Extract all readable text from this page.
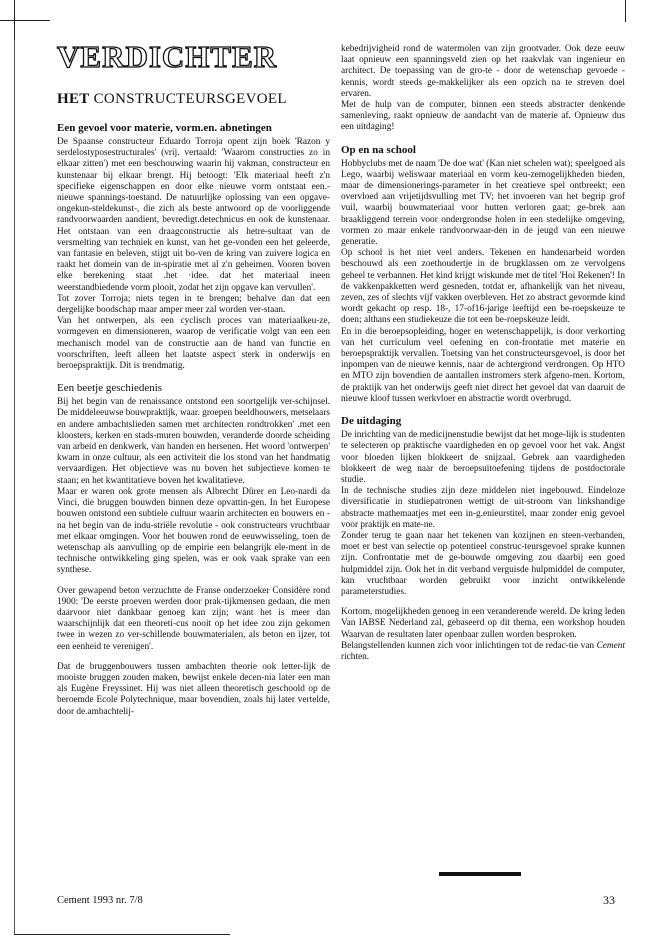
VERDICHTER
HET CONSTRUCTEURSGEVOEL
Een gevoel voor materie, vorm.en. abnetingen

De Spaanse constructeur Eduardo Torroja opent zijn boek 'Razon y serdelostyposestructurales' (vrij. vertaald: 'Waarom constructies zo in elkaar zitten') met een beschouwing waarin hij vakman, constructeur en kunstenaar bij elkaar brengt. Hij betoogt: 'Elk materiaal heeft z'n specifieke eigenschappen en door elke nieuwe vorm ontstaat een.- nieuwe spannings-toestand. De natuurlijke oplossing van een opgave-ongekun-steldekunst-, die zich als beste antwoord op de voorliggende randvoorwaarden aandient, bevredigt.detechnicus en ook de kunstenaar. Het ontstaan van een draagconstructie als hetre-sultaat van de versmelting van techniek en kunst, van het ge-vonden een het geleerde, van fantasie en beleven, stijgt uit bo-ven de kring van zuivere logica en raakt het domein van de in-spiratie met al z'n geheimen. Vooren boven elke berekening staat .het ·idee. dat het materiaal ineen weerstandbiedende vorm plooit, zodat het zijn opgave kan vervullen'.

Tot zover Torroja; niets tegen in te brengen; behalve dan dat een dergelijke boodschap maar amper meer zal worden ver-staan.

Van het ontwerpen, als een cyclisch proces van materiaalkeu-ze, vormgeven en dimensioneren, waarop de verificatie volgt van een een mechanisch model van de constructie aan de hand van functie en voorschriften, leeft alleen het laatste aspect sterk in onderwijs en beroepspraktijk. Dit is trendmatig.

Een beetje geschiedenis

Bij het begin van de renaissance ontstond een soortgelijk ver-schijnsel. De middeleeuwse bouwpraktijk, waar. groepen beeldhouwers, metselaars en andere ambachtslieden samen met architecten rondtrokken' .met een kloosters, kerken en stads-muren bouwden, veranderde doorde scheiding van arbeid en denkwerk, van handen en hersenen. Het woord 'ontwerpen' kwam in onze cultuur, als een activiteit die los stond van het handmatig vervaardigen. Het objectieve was nu boven het subjectieve komen te staan; en het kwantitatieve boven het kwalitatieve.

Maar er waren ook grote mensen als Albrecht Dûrer en Leo-nardi da Vinci, die bruggen bouwden binnen deze opvattin-gen. In het Europese bouwen ontstond een subtiele cultuur waarin architecten en bouwers en - na het begin van de indu-striële revolutie - ook constructeurs vruchtbaar met elkaar omgingen. Voor het bouwen rond de eeuwwisseling, toen de wetenschap als aanvulling op de empirie een belangrijk ele-ment in de technische ontwikkeling ging spelen, was er ook vaak sprake van een synthese.

Over gewapend beton verzuchtte de Franse onderzoeker Considère rond 1900: 'De eerste proeven werden door prak-tijkmensen gedaan, die men daarvoor niet dankbaar genoeg kan zijn; want het is meer dan waarschijnlijk dat een theoreti-cus nooit op het idee zou zijn gekomen twee in wezen zo ver-schillende bouwmaterialen, als beton en ijzer, tot een eenheid te verenigen'.

Dat de bruggenbouwers tussen ambachten theorie ook letter-lijk de mooiste bruggen zouden maken, bewijst enkele decen-nia later een man als Eugène Freyssinet. Hij was niet alleen theoretisch geschoold op de beroemde Ecole Polytechnique, maar bovendien, zoals hij later vertelde, door de.ambachtelij-

kebedrijvigheid rond de watermolen van zijn grootvader. Ook deze eeuw laat opnieuw een spanningsveld zien op het raakvlak van ingenieur en architect. De toepassing van de gro-te - door de wetenschap gevoede - kennis, wordt steeds ge-makkelijker als een opzich na te streven doel ervaren.

Met de hulp van de computer, binnen een steeds abstracter denkende samenleving, raakt opnieuw de aandacht van de materie af. Opnieuw dus een uitdaging!

Op en na school

Hobbyclubs met de naam 'De doe wat' (Kan niet schelen wat); speelgoed als Lego, waarbij weliswaar materiaal en vorm keu-zemogelijkheden bieden, maar de dimensionerings-parameter in het creatieve spel ontbreekt; een overvloed aan vrijetijdsvulling met TV; het invoeren van het begrip grof vuil, waarbij bouwmateriaal voor hutten verloren gaat; ge-brek aan braakliggend terrein voor ondergrondse holen in een stedelijke omgeving, vormen zo maar enkele randvoorwaar-den in de jeugd van een nieuwe generatie.

Op school is het niet veel anders. Tekenen en handenarbeid worden beschouwd als een zoethoudertje in de brugklassen om ze vervolgens geheel te verbannen. Het kind krijgt wiskunde met de titel 'Hoi Rekenen'! In de vakkenpakketten werd gesneden, totdat er, afhankelijk van het niveau, zeven, zes of slechts vijf vakken overbleven. Het zo abstract gevormde kind wordt gekacht op resp. 18-, 17-of16-jarige leeftijd een be-roepskeuze te doen; althans een studiekeuze die tot een be-roepskeuze leidt.

En in die beroepsopleiding, hoger en wetenschappelijk, is door verkorting van het curriculum veel oefening en con-frontatie met materie en beroepspraktijk vervallen. Toetsing van het constructeursgevoel, is door het inpompen van de nieuwe kennis, naar de achtergrond verdrongen. Op HTO en MTO zijn bovendien de aantallen instromers sterk afgeno-men. Kortom, de praktijk van het onderwijs geeft niet direct het gevoel dat van daaruit de nieuwe kloof tussen werkvloer en abstractie wordt overbrugd.

De uitdaging

De inrichting van de medicijnenstudie bewijst dat het moge-lijk is studenten te selecteren op praktische vaardigheden en op gevoel voor het vak. Angst voor bloeden lijken blokkeert de snijzaal. Gebrek aan vaardigheden blokkeert de weg naar de beroepsuitoefening tijdens de postdoctorale studie.

In de technische studies zijn deze middelen niet ingebouwd. Eindeloze diversificatie in studiepatronen wettigt de uit-stroom van linkshandige abstracte mathemaatjes met een in-g.enieurstitel, maar zonder enig gevoel voor praktijk en mate-ne.

Zonder terug te gaan naar het tekenen van kozijnen en steen-verbanden, moet er best van selectie op potentieel construc-teursgevoel sprake kunnen zijn. Confrontatie met de ge-bouwde omgeving zou daarbij een goed hulpmiddel zijn. Ook het in dit verband verguisde hulpmiddel de computer, kan vruchtbaar worden gebruikt voor inzicht ontwikkelende parameterstudies.

Kortom, mogelijkheden genoeg in een veranderende wereld. De kring leden Van IABSE Nederland zal, gebaseerd op dit thema, een workshop houden Waarvan de resultaten later openbaar zullen worden besproken.

Belangstellenden kunnen zich voor inlichtingen tot de redac-tie van Cement richten.

Cement 1993 nr. 7/8	33
